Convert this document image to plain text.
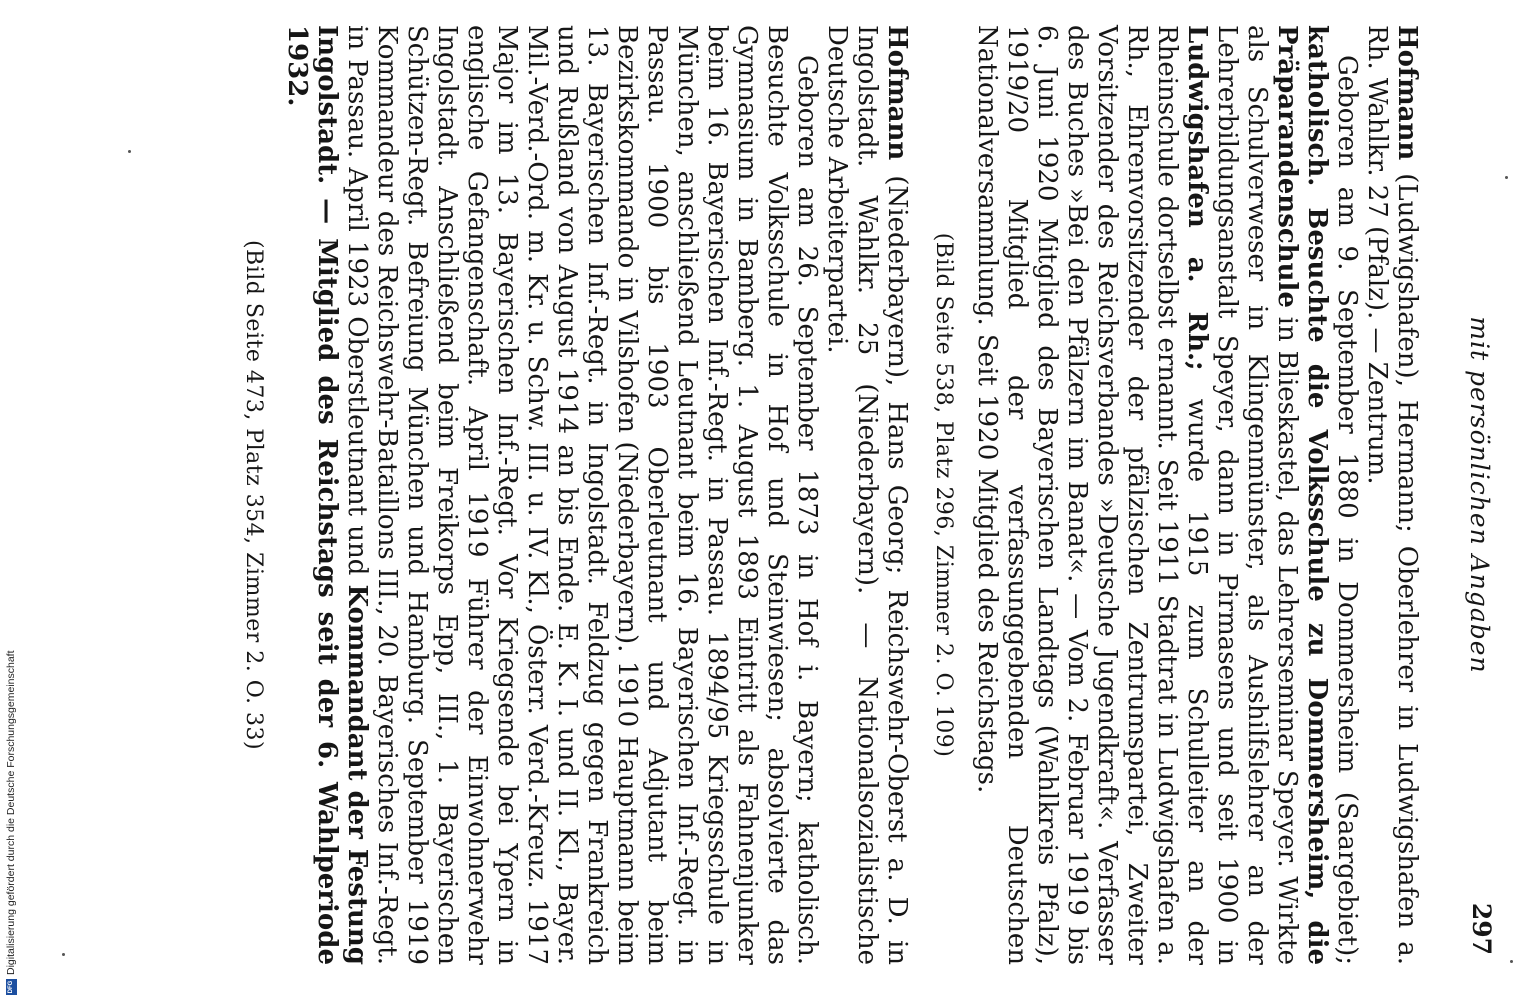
mit persönlichen Angaben
297

Hofmann (Ludwigshafen), Hermann; Oberlehrer in Ludwigshafen a. Rh. Wahlkr. 27 (Pfalz). — Zentrum.

Geboren am 9. September 1880 in Dommersheim (Saargebiet); katholisch. Besuchte die Volksschule zu Dommersheim, die Präparandenschule in Blieskastel, das Lehrerseminar Speyer. Wirkte als Schulverweser in Klingenmünster, als Aushilfslehrer an der Lehrerbildungsanstalt Speyer, dann in Pirmasens und seit 1900 in Ludwigshafen a. Rh.; wurde 1915 zum Schulleiter an der Rheinschule dortselbst ernannt. Seit 1911 Stadtrat in Ludwigshafen a. Rh., Ehrenvorsitzender der pfälzischen Zentrumspartei, Zweiter Vorsitzender des Reichsverbandes »Deutsche Jugendkraft«. Verfasser des Buches »Bei den Pfälzern im Banat«. — Vom 2. Februar 1919 bis 6. Juni 1920 Mitglied des Bayerischen Landtags (Wahlkreis Pfalz), 1919/20 Mitglied der verfassunggebenden Deutschen Nationalversammlung. Seit 1920 Mitglied des Reichstags.

(Bild Seite 538, Platz 296, Zimmer 2. O. 109)

Hofmann (Niederbayern), Hans Georg; Reichswehr-Oberst a. D. in Ingolstadt. Wahlkr. 25 (Niederbayern). — Nationalsozialistische Deutsche Arbeiterpartei.

Geboren am 26. September 1873 in Hof i. Bayern; katholisch. Besuchte Volksschule in Hof und Steinwiesen; absolvierte das Gymnasium in Bamberg. 1. August 1893 Eintritt als Fahnenjunker beim 16. Bayerischen Inf.-Regt. in Passau. 1894/95 Kriegsschule in München, anschließend Leutnant beim 16. Bayerischen Inf.-Regt. in Passau. 1900 bis 1903 Oberleutnant und Adjutant beim Bezirkskommando in Vilshofen (Niederbayern). 1910 Hauptmann beim 13. Bayerischen Inf.-Regt. in Ingolstadt. Feldzug gegen Frankreich und Rußland von August 1914 an bis Ende. E. K. I. und II. Kl., Bayer. Mil.-Verd.-Ord. m. Kr. u. Schw. III. u. IV. Kl., Österr. Verd.-Kreuz. 1917 Major im 13. Bayerischen Inf.-Regt. Vor Kriegsende bei Ypern in englische Gefangenschaft. April 1919 Führer der Einwohnerwehr Ingolstadt. Anschließend beim Freikorps Epp, III., 1. Bayerischen Schützen-Regt. Befreiung München und Hamburg. September 1919 Kommandeur des Reichswehr-Bataillons III., 20. Bayerisches Inf.-Regt. in Passau. April 1923 Oberstleutnant und Kommandant der Festung Ingolstadt. — Mitglied des Reichstags seit der 6. Wahlperiode 1932.

(Bild Seite 473, Platz 354, Zimmer 2. O. 33)

DFG
Digitalisierung gefördert durch die Deutsche Forschungsgemeinschaft
